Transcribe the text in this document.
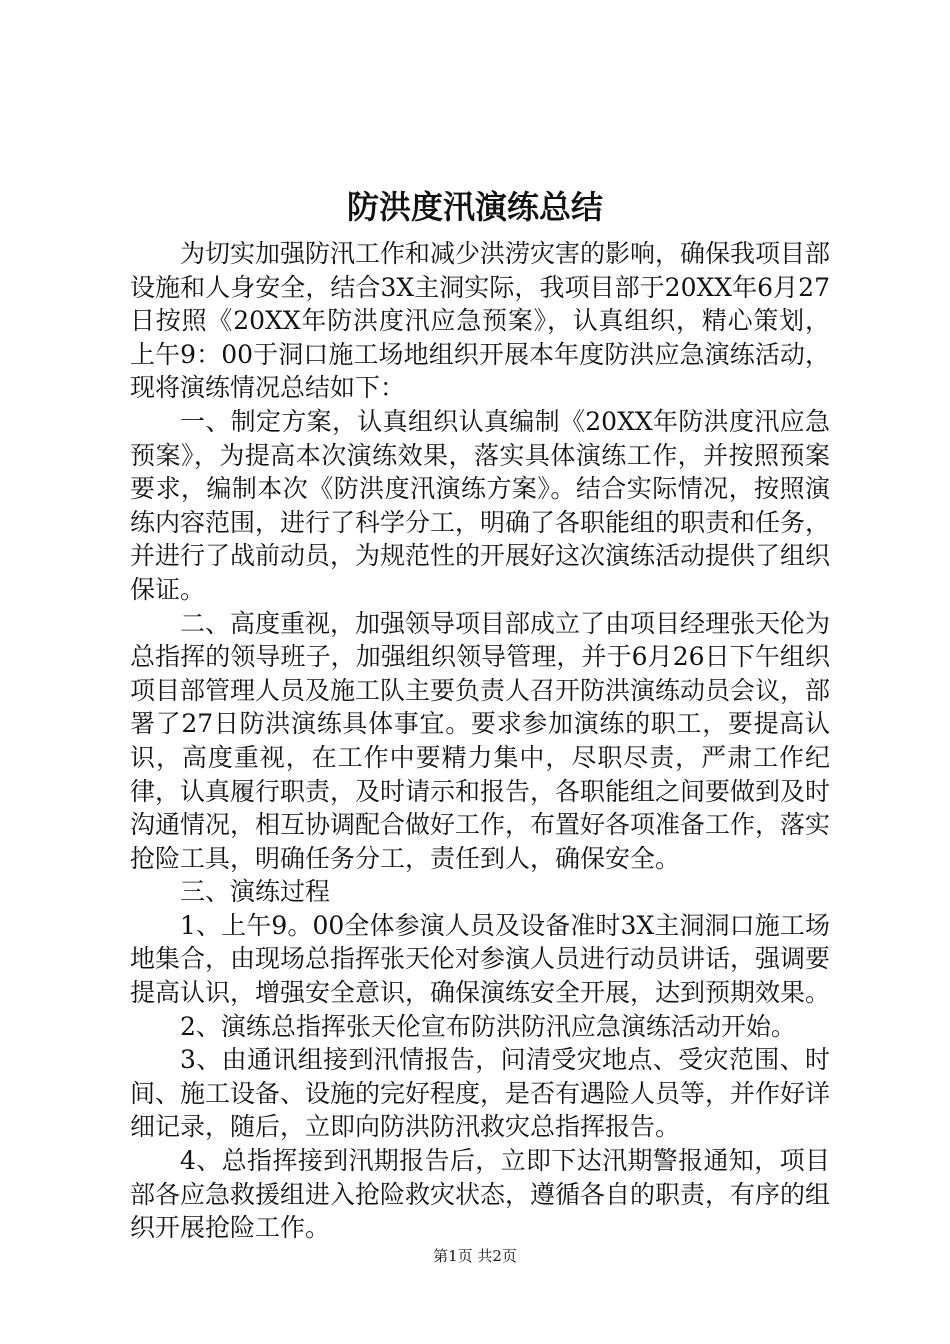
防洪度汛演练总结

为切实加强防汛工作和减少洪涝灾害的影响，确保我项目部设施和人身安全，结合3X主洞实际，我项目部于20XX年6月27日按照《20XX年防洪度汛应急预案》，认真组织，精心策划，上午9：00于洞口施工场地组织开展本年度防洪应急演练活动，现将演练情况总结如下：

一、制定方案，认真组织认真编制《20XX年防洪度汛应急预案》，为提高本次演练效果，落实具体演练工作，并按照预案要求，编制本次《防洪度汛演练方案》。结合实际情况，按照演练内容范围，进行了科学分工，明确了各职能组的职责和任务，并进行了战前动员，为规范性的开展好这次演练活动提供了组织保证。

二、高度重视，加强领导项目部成立了由项目经理张天伦为总指挥的领导班子，加强组织领导管理，并于6月26日下午组织项目部管理人员及施工队主要负责人召开防洪演练动员会议，部署了27日防洪演练具体事宜。要求参加演练的职工，要提高认识，高度重视，在工作中要精力集中，尽职尽责，严肃工作纪律，认真履行职责，及时请示和报告，各职能组之间要做到及时沟通情况，相互协调配合做好工作，布置好各项准备工作，落实抢险工具，明确任务分工，责任到人，确保安全。

三、演练过程

1、上午9。00全体参演人员及设备准时3X主洞洞口施工场地集合，由现场总指挥张天伦对参演人员进行动员讲话，强调要提高认识，增强安全意识，确保演练安全开展，达到预期效果。

2、演练总指挥张天伦宣布防洪防汛应急演练活动开始。

3、由通讯组接到汛情报告，问清受灾地点、受灾范围、时间、施工设备、设施的完好程度，是否有遇险人员等，并作好详细记录，随后，立即向防洪防汛救灾总指挥报告。

4、总指挥接到汛期报告后，立即下达汛期警报通知，项目部各应急救援组进入抢险救灾状态，遵循各自的职责，有序的组织开展抢险工作。

第1页 共2页
